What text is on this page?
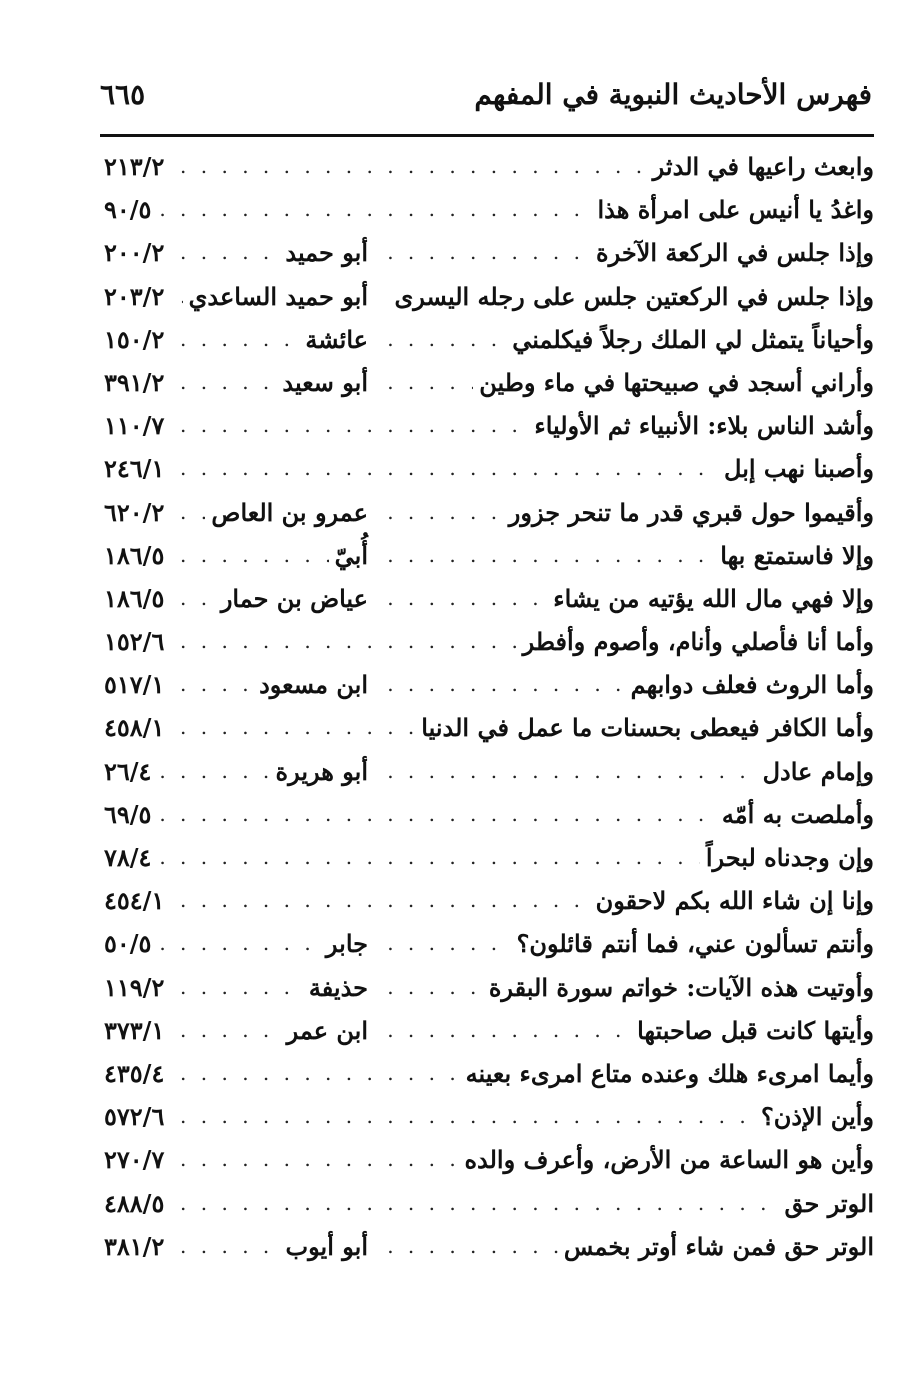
فهرس الأحاديث النبوية في المفهم
٦٦٥
. . .
وابعث راعيها في الدثر
٢١٣/٢
. . .
واغدُ يا أنيس على امرأة هذا
٩٠/٥
. . .
وإذا جلس في الركعة الآخرة
أبو حميد
٢٠٠/٢
. . .
وإذا جلس في الركعتين جلس على رجله اليسرى
أبو حميد الساعدي
٢٠٣/٢
. . .
وأحياناً يتمثل لي الملك رجلاً فيكلمني
عائشة
١٥٠/٢
. . .
وأراني أسجد في صبيحتها في ماء وطين
أبو سعيد
٣٩١/٢
. . .
وأشد الناس بلاء: الأنبياء ثم الأولياء
١١٠/٧
. . .
وأصبنا نهب إبل
٢٤٦/١
. . .
وأقيموا حول قبري قدر ما تنحر جزور
عمرو بن العاص
٦٢٠/٢
. . .
وإلا فاستمتع بها
أُبيّ
١٨٦/٥
. . .
وإلا فهي مال الله يؤتيه من يشاء
عياض بن حمار
١٨٦/٥
. . .
وأما أنا فأصلي وأنام، وأصوم وأفطر
١٥٢/٦
. . .
وأما الروث فعلف دوابهم
ابن مسعود
٥١٧/١
. . .
وأما الكافر فيعطى بحسنات ما عمل في الدنيا
٤٥٨/١
. . .
وإمام عادل
أبو هريرة
٢٦/٤
. . .
وأملصت به أمّه
٦٩/٥
. . .
وإن وجدناه لبحراً
٧٨/٤
. . .
وإنا إن شاء الله بكم لاحقون
٤٥٤/١
. . .
وأنتم تسألون عني، فما أنتم قائلون؟
جابر
٥٠/٥
. . .
وأوتيت هذه الآيات: خواتم سورة البقرة
حذيفة
١١٩/٢
. . .
وأيتها كانت قبل صاحبتها
ابن عمر
٣٧٣/١
. . .
وأيما امرىء هلك وعنده متاع امرىء بعينه
٤٣٥/٤
. . .
وأين الإذن؟
٥٧٢/٦
. . .
وأين هو الساعة من الأرض، وأعرف والده
٢٧٠/٧
. . .
الوتر حق
٤٨٨/٥
. . .
الوتر حق فمن شاء أوتر بخمس
أبو أيوب
٣٨١/٢
